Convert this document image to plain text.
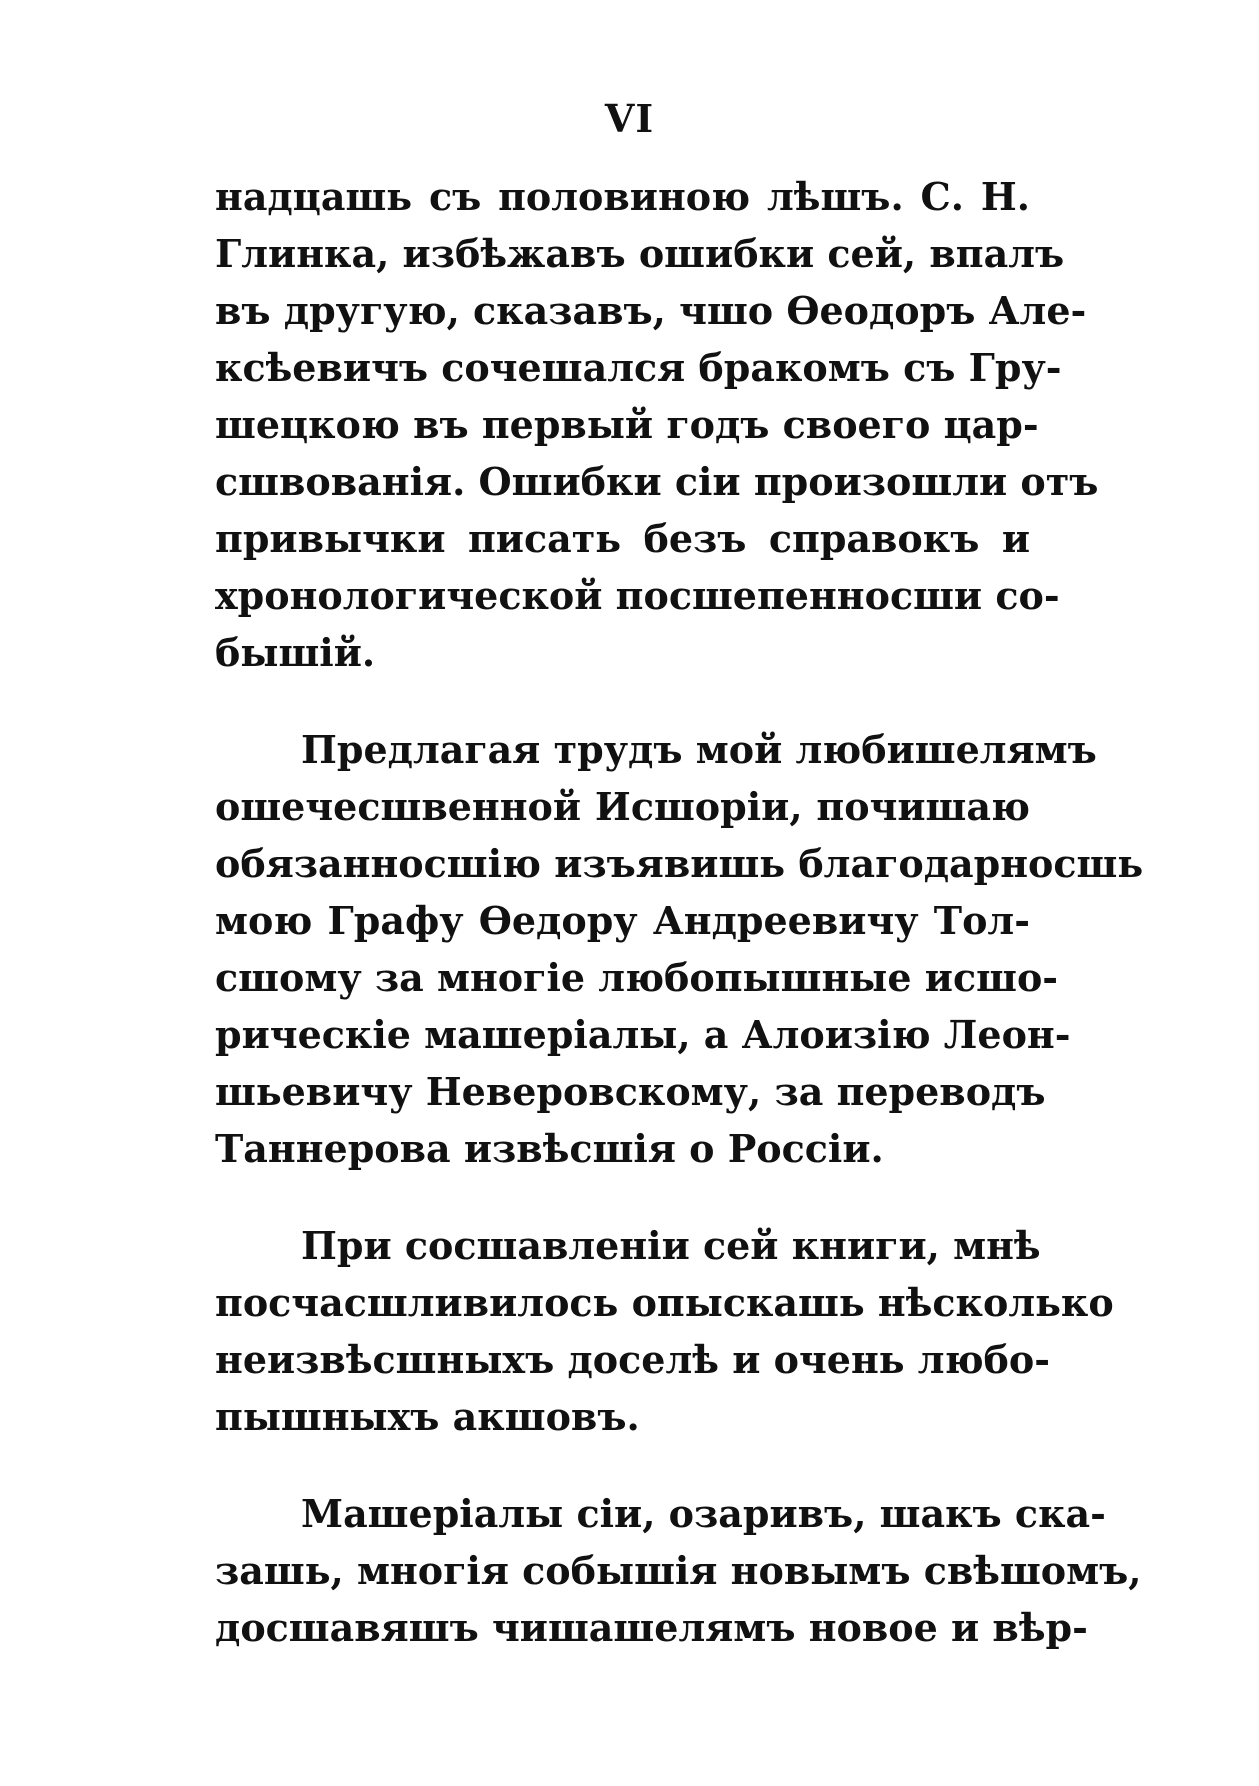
VI
надцашь съ половиною лѣшъ. С. Н.
Глинка, избѣжавъ ошибки сей, впалъ
въ другую, сказавъ, чшо Ѳеодоръ Але-
ксѣевичъ сочешался бракомъ съ Гру-
шецкою въ первый годъ своего цар-
сшвованія. Ошибки сіи произошли отъ
привычки писать безъ справокъ и
хронологической посшепенносши со-
бышій.
Предлагая трудъ мой любишелямъ
ошечесшвенной Исшоріи, почишаю
обязанносшію изъявишь благодарносшь
мою Графу Ѳедору Андреевичу Тол-
сшому за многіе любопышные исшо-
рическіе машеріалы, а Алоизію Леон-
шьевичу Неверовскому, за переводъ
Таннерова извѣсшія о Россіи.
При сосшавленіи сей книги, мнѣ
посчасшливилось опыскашь нѣсколько
неизвѣсшныхъ доселѣ и очень любо-
пышныхъ акшовъ.
Машеріалы сіи, озаривъ, шакъ ска-
зашь, многія собышія новымъ свѣшомъ,
досшавяшъ чишашелямъ новое и вѣр-
